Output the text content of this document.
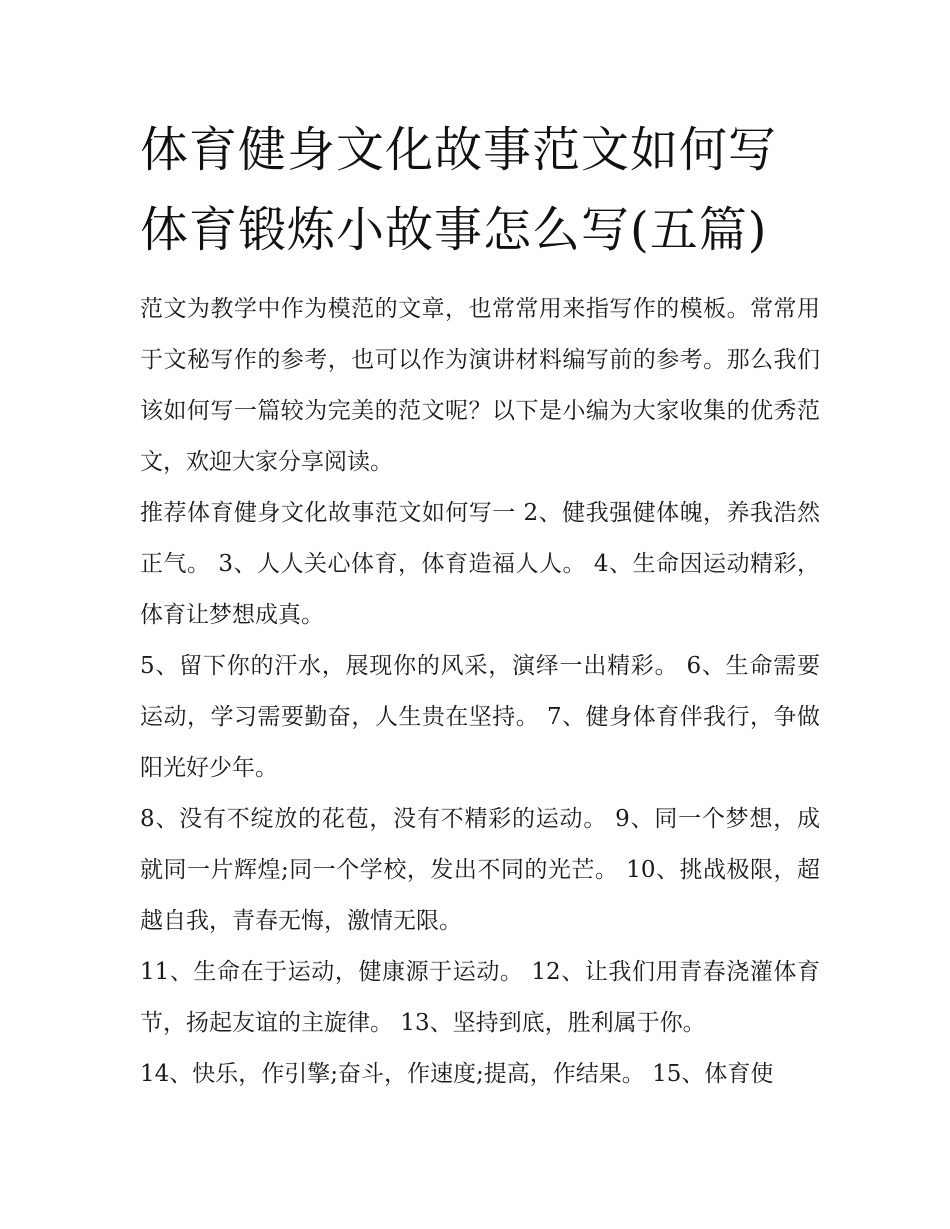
体育健身文化故事范文如何写 体育锻炼小故事怎么写(五篇)

范文为教学中作为模范的文章，也常常用来指写作的模板。常常用于文秘写作的参考，也可以作为演讲材料编写前的参考。那么我们该如何写一篇较为完美的范文呢？以下是小编为大家收集的优秀范文，欢迎大家分享阅读。

推荐体育健身文化故事范文如何写一 2、健我强健体魄，养我浩然正气。 3、人人关心体育，体育造福人人。 4、生命因运动精彩，体育让梦想成真。

5、留下你的汗水，展现你的风采，演绎一出精彩。 6、生命需要运动，学习需要勤奋，人生贵在坚持。 7、健身体育伴我行，争做阳光好少年。

8、没有不绽放的花苞，没有不精彩的运动。 9、同一个梦想，成就同一片辉煌;同一个学校，发出不同的光芒。 10、挑战极限，超越自我，青春无悔，激情无限。

11、生命在于运动，健康源于运动。 12、让我们用青春浇灌体育节，扬起友谊的主旋律。 13、坚持到底，胜利属于你。

14、快乐，作引擎;奋斗，作速度;提高，作结果。 15、体育使
